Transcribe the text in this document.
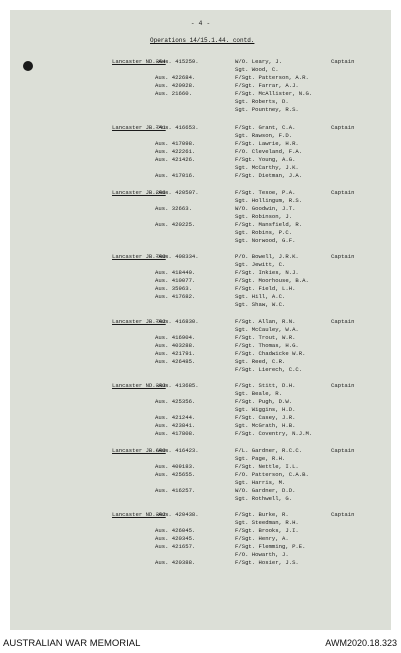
- 4 -
Operations 14/15.1.44. contd.
Lancaster ND.364
-Aus. 415259.	W/O. Leary, J.	Captain
Sgt. Wood, C.
Aus. 422684.	F/Sgt. Patterson, A.R.
Aus. 420928.	F/Sgt. Farrar, A.J.
Aus. 21660.	F/Sgt. McAllister, N.G.
Sgt. Roberts, D.
Sgt. Pountney, R.S.
Lancaster JB.741
-Aus. 416653.	F/Sgt. Grant, C.A.	Captain
Sgt. Rawson, F.D.
Aus. 417098.	F/Sgt. Lawrie, H.R.
Aus. 422261.	F/O. Cleveland, F.A.
Aus. 421426.	F/Sgt. Young, A.G.
Sgt. McCarthy, J.K.
Aus. 417016.	F/Sgt. Dietman, J.A.
Lancaster JB.296
-Aus. 420507.	F/Sgt. Tesoe, P.A.	Captain
Sgt. Hollingum, R.S.
Aus. 32663.	W/O. Goodwin, J.T.
Sgt. Robinson, J.
Aus. 420225.	F/Sgt. Mansfield, R.
Sgt. Robins, P.C.
Sgt. Norwood, G.F.
Lancaster JB.700
-Aus. 408334.	P/O. Bowell, J.R.K.	Captain
Sgt. Jewitt, C.
Aus. 418440.	F/Sgt. Inkies, N.J.
Aus. 410077.	F/Sgt. Moorhouse, B.A.
Aus. 35963.	F/Sgt. Field, L.H.
Aus. 417682.	Sgt. Hill, A.C.
Sgt. Shaw, W.C.
Lancaster JB.792
-Aus. 416830.	F/Sgt. Allan, R.N.	Captain
Sgt. McCauley, W.A.
Aus. 416904.	F/Sgt. Trout, W.R.
Aus. 403288.	F/Sgt. Thomas, H.G.
Aus. 421791.	F/Sgt. Chadwicke W.R.
Aus. 426485.	Sgt. Reed, C.R.
F/Sgt. Lierech, C.C.
Lancaster ND.333
-Aus. 413685.	F/Sgt. Stitt, D.H.	Captain
Sgt. Beale, R.
Aus. 425356.	F/Sgt. Pugh, D.W.
Sgt. Wiggins, H.D.
Aus. 421244.	F/Sgt. Casey, J.R.
Aus. 423841.	Sgt. McGrath, H.B.
Aus. 417808.	F/Sgt. Coventry, N.J.M.
Lancaster JB.600
-Aus. 416423.	F/L. Gardner, R.C.C.	Captain
Sgt. Page, R.H.
Aus. 409183.	F/Sgt. Nettle, I.L.
Aus. 425655.	F/O. Patterson, C.A.B.
Sgt. Harris, M.
Aus. 416257.	W/O. Gardner, D.D.
Sgt. Rothwell, G.
Lancaster ND.392
-Aus. 420438.	F/Sgt. Burke, R.	Captain
Sgt. Steedman, R.H.
Aus. 426045.	F/Sgt. Brooks, J.I.
Aus. 420345.	F/Sgt. Henry, A.
Aus. 421657.	F/Sgt. Flemming, P.E.
F/O. Howarth, J.
Aus. 420388.	F/Sgt. Hosier, J.S.
AUSTRALIAN WAR MEMORIAL	AWM2020.18.323
